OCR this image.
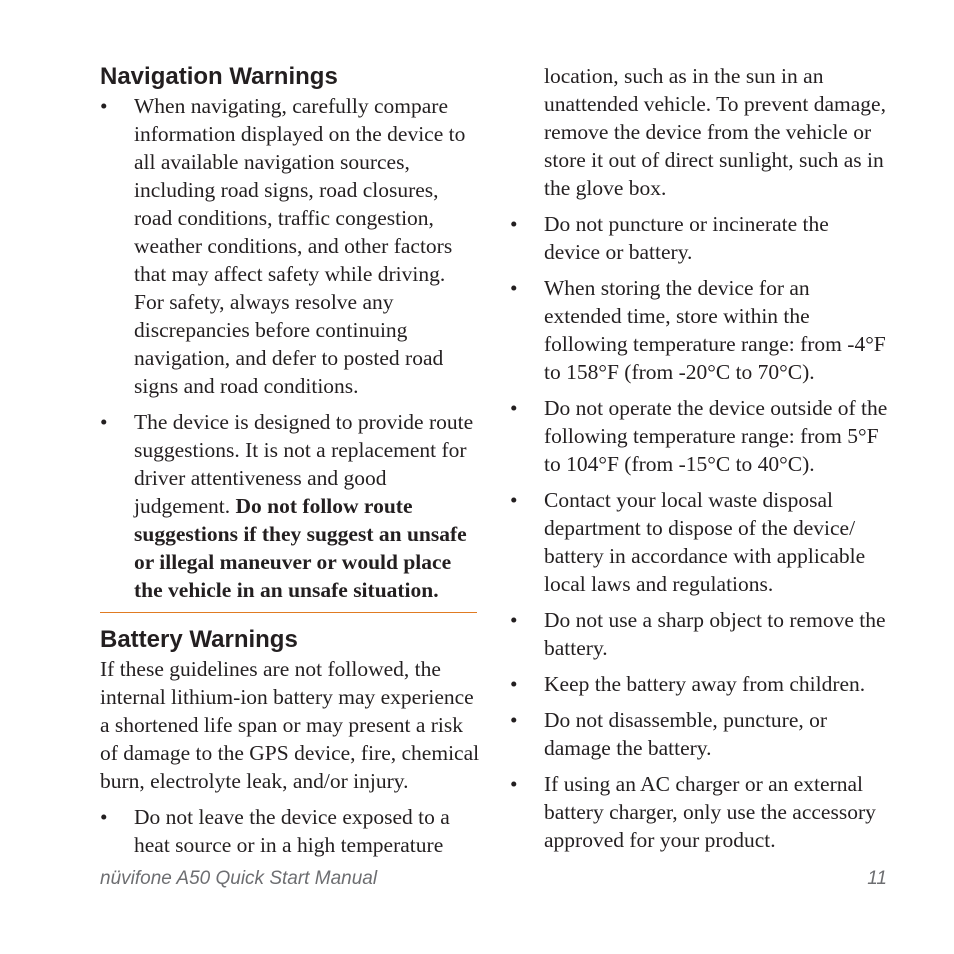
Navigation Warnings
• When navigating, carefully compare information displayed on the device to all available navigation sources, including road signs, road closures, road conditions, traffic congestion, weather conditions, and other factors that may affect safety while driving. For safety, always resolve any discrepancies before continuing navigation, and defer to posted road signs and road conditions.
• The device is designed to provide route suggestions. It is not a replacement for driver attentiveness and good judgement. Do not follow route suggestions if they suggest an unsafe or illegal maneuver or would place the vehicle in an unsafe situation.
Battery Warnings

If these guidelines are not followed, the internal lithium-ion battery may experience a shortened life span or may present a risk of damage to the GPS device, fire, chemical burn, electrolyte leak, and/or injury.

• Do not leave the device exposed to a heat source or in a high temperature

location, such as in the sun in an unattended vehicle. To prevent damage, remove the device from the vehicle or store it out of direct sunlight, such as in the glove box.

• Do not puncture or incinerate the device or battery.
• When storing the device for an extended time, store within the following temperature range: from -4°F to 158°F (from -20°C to 70°C).
• Do not operate the device outside of the following temperature range: from 5°F to 104°F (from -15°C to 40°C).
• Contact your local waste disposal department to dispose of the device/ battery in accordance with applicable local laws and regulations.
• Do not use a sharp object to remove the battery.
• Keep the battery away from children.
• Do not disassemble, puncture, or damage the battery.
• If using an AC charger or an external battery charger, only use the accessory approved for your product.
nüvifone A50 Quick Start Manual	11
